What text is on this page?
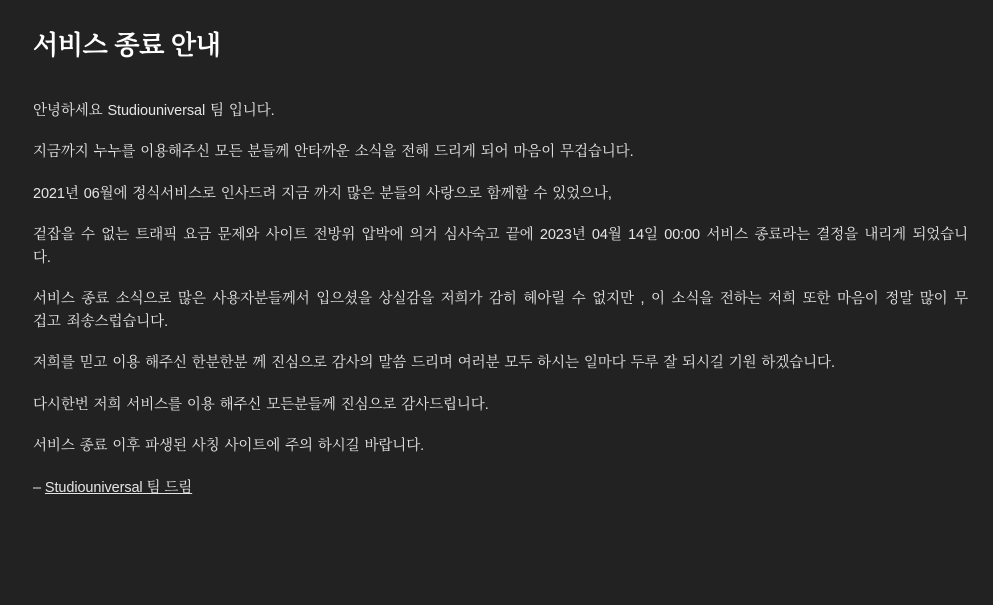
서비스 종료 안내

안녕하세요 Studiouniversal 팀 입니다.

지금까지 누누를 이용해주신 모든 분들께 안타까운 소식을 전해 드리게 되어 마음이 무겁습니다.

2021년 06월에 정식서비스로 인사드려 지금 까지 많은 분들의 사랑으로 함께할 수 있었으나,

겉잡을 수 없는 트래픽 요금 문제와 사이트 전방위 압박에 의거 심사숙고 끝에 2023년 04월 14일 00:00 서비스 종료라는 결정을 내리게 되었습니다.

서비스 종료 소식으로 많은 사용자분들께서 입으셨을 상실감을 저희가 감히 헤아릴 수 없지만 , 이 소식을 전하는 저희 또한 마음이 정말 많이 무겁고 죄송스럽습니다.

저희를 믿고 이용 해주신 한분한분 께 진심으로 감사의 말씀 드리며 여러분 모두 하시는 일마다 두루 잘 되시길 기원 하겠습니다.

다시한번 저희 서비스를 이용 해주신 모든분들께 진심으로 감사드립니다.

서비스 종료 이후 파생된 사칭 사이트에 주의 하시길 바랍니다.

– Studiouniversal 팀 드림
